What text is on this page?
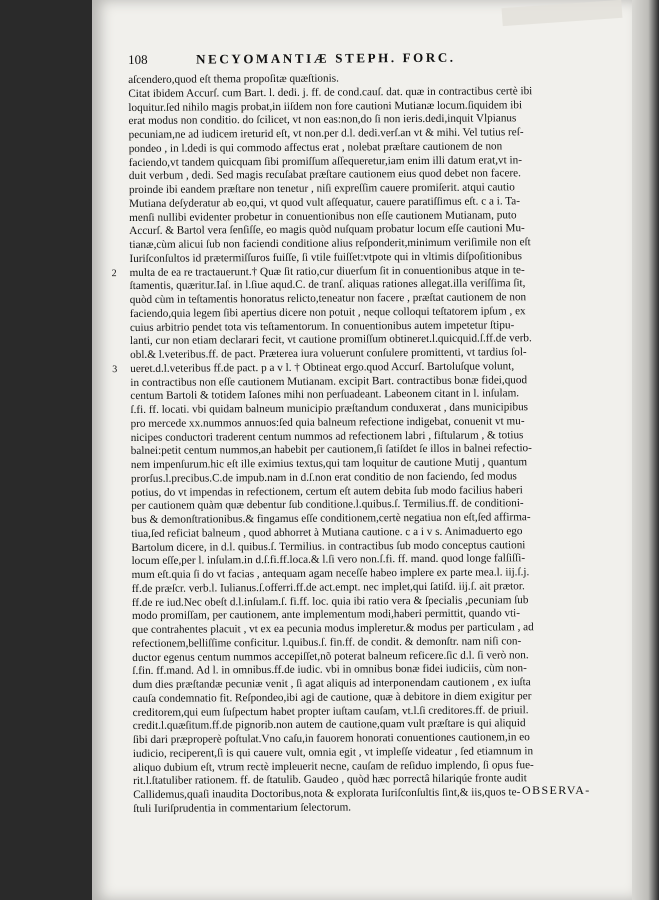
108	NECYOMANTIÆ STEPH. FORC.
aſcendero,quod eſt thema propoſitæ quæſtionis.
Citat ibidem Accurſ. cum Bart. l. dedi. j. ff. de cond.cauſ. dat. quæ in contractibus certè ibi
loquitur.ſed nihilo magis probat,in iiſdem non fore cautioni Mutianæ locum.ſiquidem ibi
erat modus non conditio. do ſcilicet, vt non eas:non,do ſi non ieris.dedi,inquit Vlpianus
pecuniam,ne ad iudicem ireturid eſt, vt non.per d.l. dedi.verſ.an vt & mihi. Vel tutius reſ-
pondeo , in l.dedi is qui commodo affectus erat , nolebat præſtare cautionem de non
faciendo,vt tandem quicquam ſibi promiſſum aſſequeretur,iam enim illi datum erat,vt in-
duit verbum , dedi. Sed magis recuſabat præſtare cautionem eius quod debet non facere.
proinde ibi eandem præſtare non tenetur , niſi expreſſim cauere promiſerit. atqui cautio
Mutiana deſyderatur ab eo,qui, vt quod vult aſſequatur, cauere paratiſſimus eſt. c a i. Ta-
menſi nullibi evidenter probetur in conuentionibus non eſſe cautionem Mutianam, puto
Accurſ. & Bartol vera ſenſiſſe, eo magis quòd nuſquam probatur locum eſſe cautioni Mu-
tianæ,cùm alicui ſub non faciendi conditione alius reſponderit,minimum veriſimile non eſt
Iuriſconſultos id prætermiſſuros fuiſſe, ſi vtile fuiſſet:vtpote qui in vltimis diſpoſitionibus
2 multa de ea re tractauerunt.† Quæ ſit ratio,cur diuerſum ſit in conuentionibus atque in te-
ſtamentis, quæritur.Iaſ. in l.ſiue aqud.C. de tranſ. aliquas rationes allegat.illa veriſſima ſit,
quòd cùm in teſtamentis honoratus relicto,teneatur non facere , præſtat cautionem de non
faciendo,quia legem ſibi apertius dicere non potuit , neque colloqui teſtatorem ipſum , ex
cuius arbitrio pendet tota vis teſtamentorum. In conuentionibus autem impetetur ſtipu-
lanti, cur non etiam declarari fecit, vt cautione promiſſum obtineret.l.quicquid.ſ.ff.de verb.
obl.& l.veteribus.ff. de pact. Præterea iura voluerunt conſulere promittenti, vt tardius ſol-
3 ueret.d.l.veteribus ff.de pact. p a v l. † Obtineat ergo.quod Accurſ. Bartoluſque volunt,
in contractibus non eſſe cautionem Mutianam. excipit Bart. contractibus bonæ fidei,quod
centum Bartoli & totidem Iaſones mihi non perſuadeant. Labeonem citant in l. inſulam.
ſ.fi. ff. locati. vbi quidam balneum municipio præſtandum conduxerat , dans municipibus
pro mercede xx.nummos annuos:ſed quia balneum refectione indigebat, conuenit vt mu-
nicipes conductori traderent centum nummos ad refectionem labri , fiſtularum , & totius
balnei:petit centum nummos,an habebit per cautionem,ſi ſatiſdet ſe illos in balnei refectio-
nem impenſurum.hic eſt ille eximius textus,qui tam loquitur de cautione Mutij , quantum
prorſus.l.precibus.C.de impub.nam in d.ſ.non erat conditio de non faciendo, ſed modus
potius, do vt impendas in refectionem, certum eſt autem debita ſub modo facilius haberi
per cautionem quàm quæ debentur ſub conditione.l.quibus.ſ. Termilius.ff. de conditioni-
bus & demonſtrationibus.& fingamus eſſe conditionem,certè negatiua non eſt,ſed affirma-
tiua,ſed reficiat balneum , quod abhorret à Mutiana cautione. c a i v s. Animaduerto ego
Bartolum dicere, in d.l. quibus.ſ. Termilius. in contractibus ſub modo conceptus cautioni
locum eſſe,per l. inſulam.in d.ſ.fi.ff.loca.& l.ſi vero non.ſ.fi. ff. mand. quod longe falſiſſi-
mum eſt.quia ſi do vt facias , antequam agam neceſſe habeo implere ex parte mea.l. iij.ſ.j.
ff.de præſcr. verb.l. Iulianus.ſ.offerri.ff.de act.empt. nec implet,qui ſatiſd. iij.ſ. ait prætor.
ff.de re iud.Nec obeſt d.l.inſulam.ſ. fi.ff. loc. quia ibi ratio vera & ſpecialis ,pecuniam ſub
modo promiſſam, per cautionem, ante implementum modi,haberi permittit, quando vti-
que contrahentes placuit , vt ex ea pecunia modus impleretur.& modus per particulam , ad
refectionem,belliſſime conficitur. l.quibus.ſ. fin.ff. de condit. & demonſtr. nam niſi con-
ductor egenus centum nummos accepiſſet,nõ poterat balneum reficere.ſic d.l. ſi verò non.
ſ.fin. ff.mand. Ad l. in omnibus.ff.de iudic. vbi in omnibus bonæ fidei iudiciis, cùm non-
dum dies præſtandæ pecuniæ venit , ſi agat aliquis ad interponendam cautionem , ex iuſta
cauſa condemnatio fit. Reſpondeo,ibi agi de cautione, quæ à debitore in diem exigitur per
creditorem,qui eum ſuſpectum habet propter iuſtam cauſam, vt.l.ſi creditores.ff. de priuil.
credit.l.quæſitum.ff.de pignorib.non autem de cautione,quam vult præſtare is qui aliquid
ſibi dari præproperè poſtulat.Vno caſu,in fauorem honorati conuentiones cautionem,in eo
iudicio, reciperent,ſi is qui cauere vult, omnia egit , vt impleſſe videatur , ſed etiamnum in
aliquo dubium eſt, vtrum rectè impleuerit necne, cauſam de reſiduo implendo, ſi opus fue-
rit.l.ſtatuliber rationem. ff. de ſtatulib. Gaudeo , quòd hæc porrectâ hilariqúe fronte audit
Callidemus,quaſi inaudita Doctoribus,nota & explorata Iuriſconſultis ſint,& iis,quos te-
ſtuli Iuriſprudentia in commentarium ſelectorum.
OBSERVA-
